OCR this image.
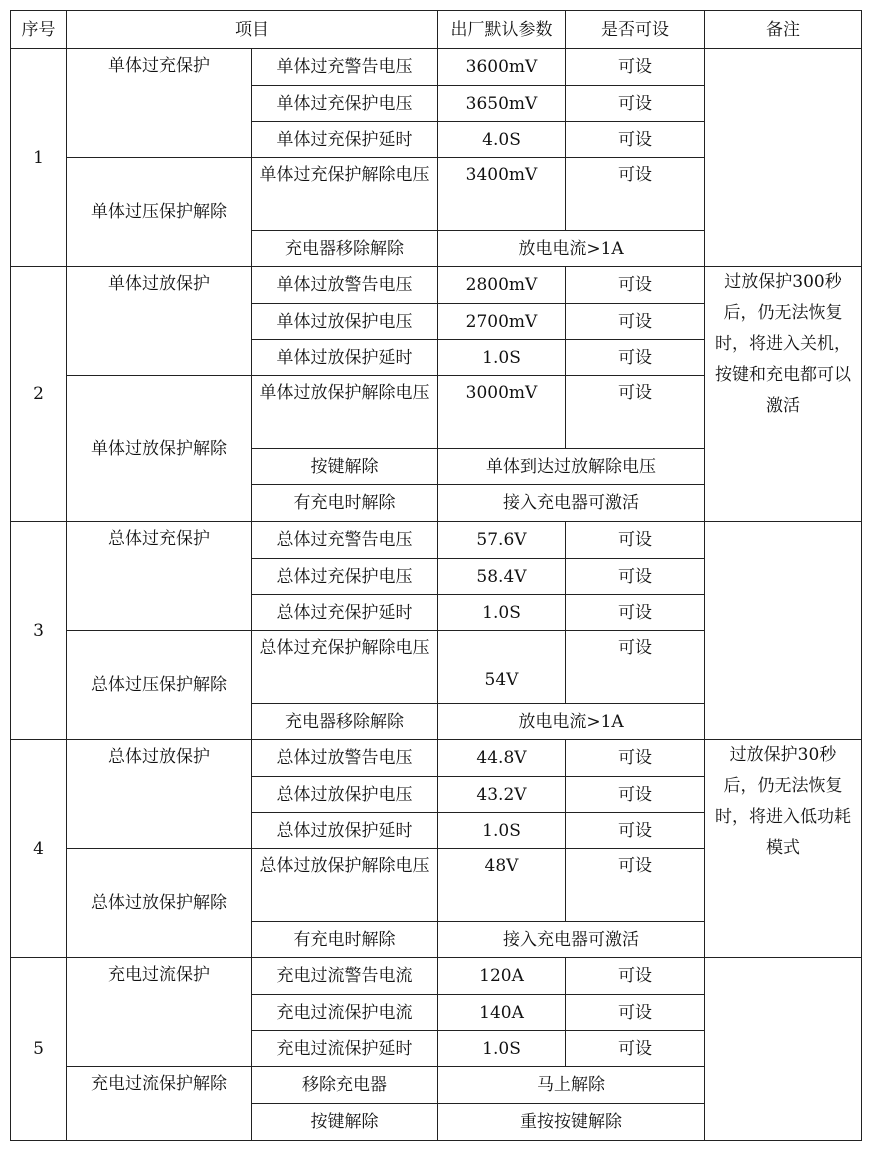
序号	项目		出厂默认参数	是否可设	备注
1	单体过充保护	单体过充警告电压	3600mV	可设	
		单体过充保护电压	3650mV	可设	
		单体过充保护延时	4.0S	可设	
	单体过压保护解除	单体过充保护解除电压	3400mV	可设	
		充电器移除解除	放电电流>1A		
2	单体过放保护	单体过放警告电压	2800mV	可设	过放保护300秒后，仍无法恢复时，将进入关机，按键和充电都可以激活
		单体过放保护电压	2700mV	可设	
		单体过放保护延时	1.0S	可设	
	单体过放保护解除	单体过放保护解除电压	3000mV	可设	
		按键解除	单体到达过放解除电压		
		有充电时解除	接入充电器可激活		
3	总体过充保护	总体过充警告电压	57.6V	可设	
		总体过充保护电压	58.4V	可设	
		总体过充保护延时	1.0S	可设	
	总体过压保护解除	总体过充保护解除电压	54V	可设	
		充电器移除解除	放电电流>1A		
4	总体过放保护	总体过放警告电压	44.8V	可设	过放保护30秒后，仍无法恢复时，将进入低功耗模式
		总体过放保护电压	43.2V	可设	
		总体过放保护延时	1.0S	可设	
	总体过放保护解除	总体过放保护解除电压	48V	可设	
		有充电时解除	接入充电器可激活		
5	充电过流保护	充电过流警告电流	120A	可设	
		充电过流保护电流	140A	可设	
		充电过流保护延时	1.0S	可设	
	充电过流保护解除	移除充电器	马上解除		
		按键解除	重按按键解除		
